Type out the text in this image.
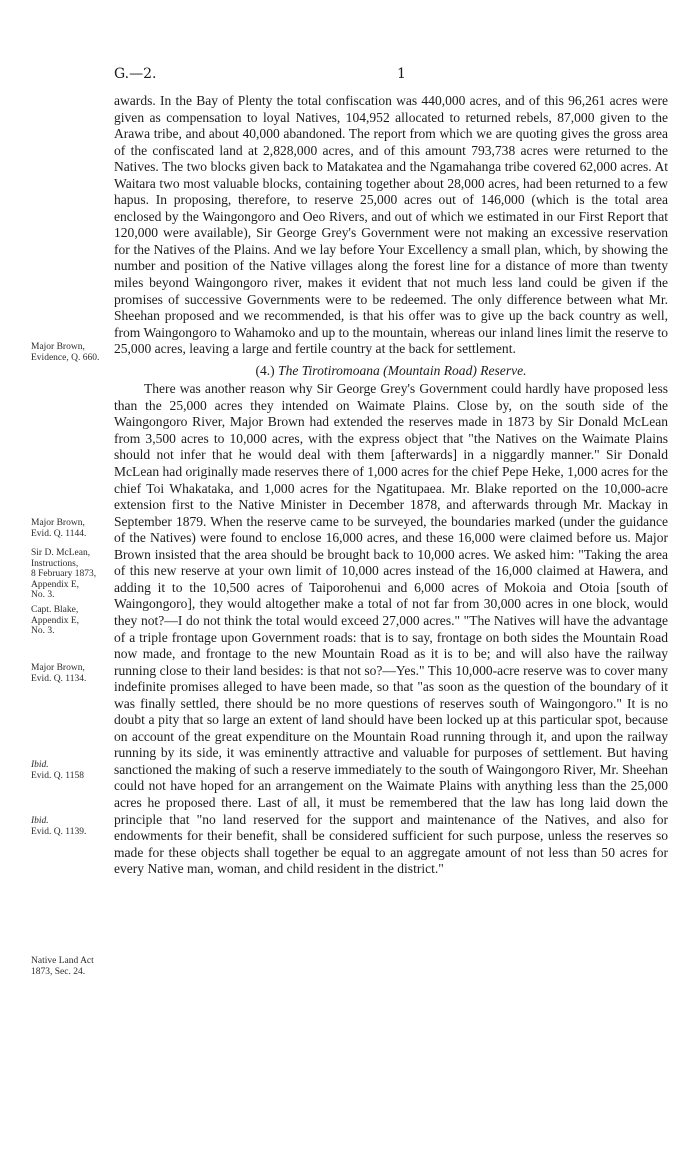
G.—2.	1

awards. In the Bay of Plenty the total confiscation was 440,000 acres, and of this 96,261 acres were given as compensation to loyal Natives, 104,952 allocated to returned rebels, 87,000 given to the Arawa tribe, and about 40,000 abandoned. The report from which we are quoting gives the gross area of the confiscated land at 2,828,000 acres, and of this amount 793,738 acres were returned to the Natives. The two blocks given back to Matakatea and the Ngamahanga tribe covered 62,000 acres. At Waitara two most valuable blocks, containing together about 28,000 acres, had been returned to a few hapus. In proposing, therefore, to reserve 25,000 acres out of 146,000 (which is the total area enclosed by the Waingongoro and Oeo Rivers, and out of which we estimated in our First Report that 120,000 were available), Sir George Grey's Government were not making an excessive reservation for the Natives of the Plains. And we lay before Your Excellency a small plan, which, by showing the number and position of the Native villages along the forest line for a distance of more than twenty miles beyond Waingongoro river, makes it evident that not much less land could be given if the promises of successive Governments were to be redeemed. The only difference between what Mr. Sheehan proposed and we recommended, is that his offer was to give up the back country as well, from Waingongoro to Wahamoko and up to the mountain, whereas our inland lines limit the reserve to 25,000 acres, leaving a large and fertile country at the back for settlement.

(4.) The Tirotiromoana (Mountain Road) Reserve.

There was another reason why Sir George Grey's Government could hardly have proposed less than the 25,000 acres they intended on Waimate Plains. Close by, on the south side of the Waingongoro River, Major Brown had extended the reserves made in 1873 by Sir Donald McLean from 3,500 acres to 10,000 acres, with the express object that "the Natives on the Waimate Plains should not infer that he would deal with them [afterwards] in a niggardly manner." Sir Donald McLean had originally made reserves there of 1,000 acres for the chief Pepe Heke, 1,000 acres for the chief Toi Whakataka, and 1,000 acres for the Ngatitupaea. Mr. Blake reported on the 10,000-acre extension first to the Native Minister in December 1878, and afterwards through Mr. Mackay in September 1879. When the reserve came to be surveyed, the boundaries marked (under the guidance of the Natives) were found to enclose 16,000 acres, and these 16,000 were claimed before us. Major Brown insisted that the area should be brought back to 10,000 acres. We asked him: "Taking the area of this new reserve at your own limit of 10,000 acres instead of the 16,000 claimed at Hawera, and adding it to the 10,500 acres of Taiporohenui and 6,000 acres of Mokoia and Otoia [south of Waingongoro], they would altogether make a total of not far from 30,000 acres in one block, would they not?—I do not think the total would exceed 27,000 acres." "The Natives will have the advantage of a triple frontage upon Government roads: that is to say, frontage on both sides the Mountain Road now made, and frontage to the new Mountain Road as it is to be; and will also have the railway running close to their land besides: is that not so?—Yes." This 10,000-acre reserve was to cover many indefinite promises alleged to have been made, so that "as soon as the question of the boundary of it was finally settled, there should be no more questions of reserves south of Waingongoro." It is no doubt a pity that so large an extent of land should have been locked up at this particular spot, because on account of the great expenditure on the Mountain Road running through it, and upon the railway running by its side, it was eminently attractive and valuable for purposes of settlement. But having sanctioned the making of such a reserve immediately to the south of Waingongoro River, Mr. Sheehan could not have hoped for an arrangement on the Waimate Plains with anything less than the 25,000 acres he proposed there. Last of all, it must be remembered that the law has long laid down the principle that "no land reserved for the support and maintenance of the Natives, and also for endowments for their benefit, shall be considered sufficient for such purpose, unless the reserves so made for these objects shall together be equal to an aggregate amount of not less than 50 acres for every Native man, woman, and child resident in the district."

Major Brown,
Evidence, Q. 660.
Major Brown,
Evid. Q. 1144.
Sir D. McLean,
Instructions,
8 February 1873,
Appendix E,
No. 3.
Capt. Blake,
Appendix E,
No. 3.
Major Brown,
Evid. Q. 1134.
Ibid.
Evid. Q. 1158
Ibid.
Evid. Q. 1139.
Native Land Act
1873, Sec. 24.
